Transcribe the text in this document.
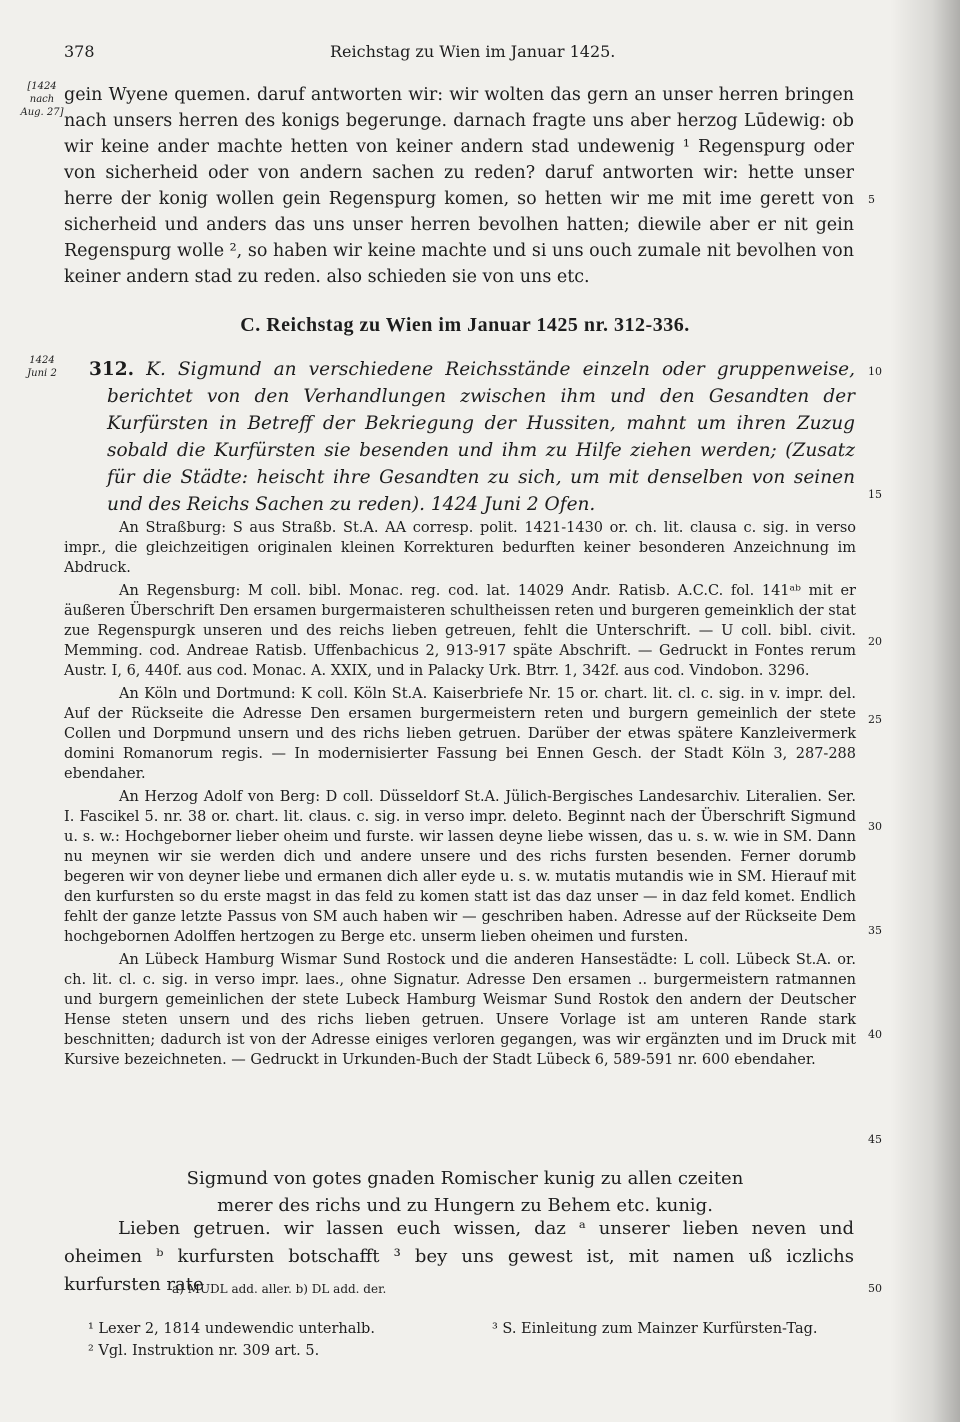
378	Reichstag zu Wien im Januar 1425.
[1424
nach
Aug. 27]
1424
Juni 2
5
10
15
20
25
30
35
40
45
50

gein Wyene quemen. daruf antworten wir: wir wolten das gern an unser herren bringen nach unsers herren des konigs begerunge. darnach fragte uns aber herzog Lūdewig: ob wir keine ander machte hetten von keiner andern stad undewenig ¹ Regenspurg oder von sicherheid oder von andern sachen zu reden? daruf antworten wir: hette unser herre der konig wollen gein Regenspurg komen, so hetten wir me mit ime gerett von sicherheid und anders das uns unser herren bevolhen hatten; diewile aber er nit gein Regenspurg wolle ², so haben wir keine machte und si uns ouch zumale nit bevolhen von keiner andern stad zu reden. also schieden sie von uns etc.

C. Reichstag zu Wien im Januar 1425 nr. 312-336.

312. K. Sigmund an verschiedene Reichsstände einzeln oder gruppenweise, berichtet von den Verhandlungen zwischen ihm und den Gesandten der Kurfürsten in Betreff der Bekriegung der Hussiten, mahnt um ihren Zuzug sobald die Kurfürsten sie besenden und ihm zu Hilfe ziehen werden; (Zusatz für die Städte: heischt ihre Gesandten zu sich, um mit denselben von seinen und des Reichs Sachen zu reden). 1424 Juni 2 Ofen.

An Straßburg: S aus Straßb. St.A. AA corresp. polit. 1421-1430 or. ch. lit. clausa c. sig. in verso impr., die gleichzeitigen originalen kleinen Korrekturen bedurften keiner besonderen Anzeichnung im Abdruck.

An Regensburg: M coll. bibl. Monac. reg. cod. lat. 14029 Andr. Ratisb. A.C.C. fol. 141ᵃᵇ mit er äußeren Überschrift Den ersamen burgermaisteren schultheissen reten und burgeren gemeinklich der stat zue Regenspurgk unseren und des reichs lieben getreuen, fehlt die Unterschrift. — U coll. bibl. civit. Memming. cod. Andreae Ratisb. Uffenbachicus 2, 913-917 späte Abschrift. — Gedruckt in Fontes rerum Austr. I, 6, 440f. aus cod. Monac. A. XXIX, und in Palacky Urk. Btrr. 1, 342f. aus cod. Vindobon. 3296.

An Köln und Dortmund: K coll. Köln St.A. Kaiserbriefe Nr. 15 or. chart. lit. cl. c. sig. in v. impr. del. Auf der Rückseite die Adresse Den ersamen burgermeistern reten und burgern gemeinlich der stete Collen und Dorpmund unsern und des richs lieben getruen. Darüber der etwas spätere Kanzleivermerk domini Romanorum regis. — In modernisierter Fassung bei Ennen Gesch. der Stadt Köln 3, 287-288 ebendaher.

An Herzog Adolf von Berg: D coll. Düsseldorf St.A. Jülich-Bergisches Landesarchiv. Literalien. Ser. I. Fascikel 5. nr. 38 or. chart. lit. claus. c. sig. in verso impr. deleto. Beginnt nach der Überschrift Sigmund u. s. w.: Hochgeborner lieber oheim und furste. wir lassen deyne liebe wissen, das u. s. w. wie in SM. Dann nu meynen wir sie werden dich und andere unsere und des richs fursten besenden. Ferner dorumb begeren wir von deyner liebe und ermanen dich aller eyde u. s. w. mutatis mutandis wie in SM. Hierauf mit den kurfursten so du erste magst in das feld zu komen statt ist das daz unser — in daz feld komet. Endlich fehlt der ganze letzte Passus von SM auch haben wir — geschriben haben. Adresse auf der Rückseite Dem hochgebornen Adolffen hertzogen zu Berge etc. unserm lieben oheimen und fursten.

An Lübeck Hamburg Wismar Sund Rostock und die anderen Hansestädte: L coll. Lübeck St.A. or. ch. lit. cl. c. sig. in verso impr. laes., ohne Signatur. Adresse Den ersamen .. burgermeistern ratmannen und burgern gemeinlichen der stete Lubeck Hamburg Weismar Sund Rostok den andern der Deutscher Hense steten unsern und des richs lieben getruen. Unsere Vorlage ist am unteren Rande stark beschnitten; dadurch ist von der Adresse einiges verloren gegangen, was wir ergänzten und im Druck mit Kursive bezeichneten. — Gedruckt in Urkunden-Buch der Stadt Lübeck 6, 589-591 nr. 600 ebendaher.

Sigmund von gotes gnaden Romischer kunig zu allen czeiten
merer des richs und zu Hungern zu Behem etc. kunig.

Lieben getruen. wir lassen euch wissen, daz ᵃ unserer lieben neven und oheimen ᵇ kurfursten botschafft ³ bey uns gewest ist, mit namen uß iczlichs kurfursten rate

a) MUDL add. aller. b) DL add. der.
¹ Lexer 2, 1814 undewendic unterhalb.
² Vgl. Instruktion nr. 309 art. 5.
³ S. Einleitung zum Mainzer Kurfürsten-Tag.
